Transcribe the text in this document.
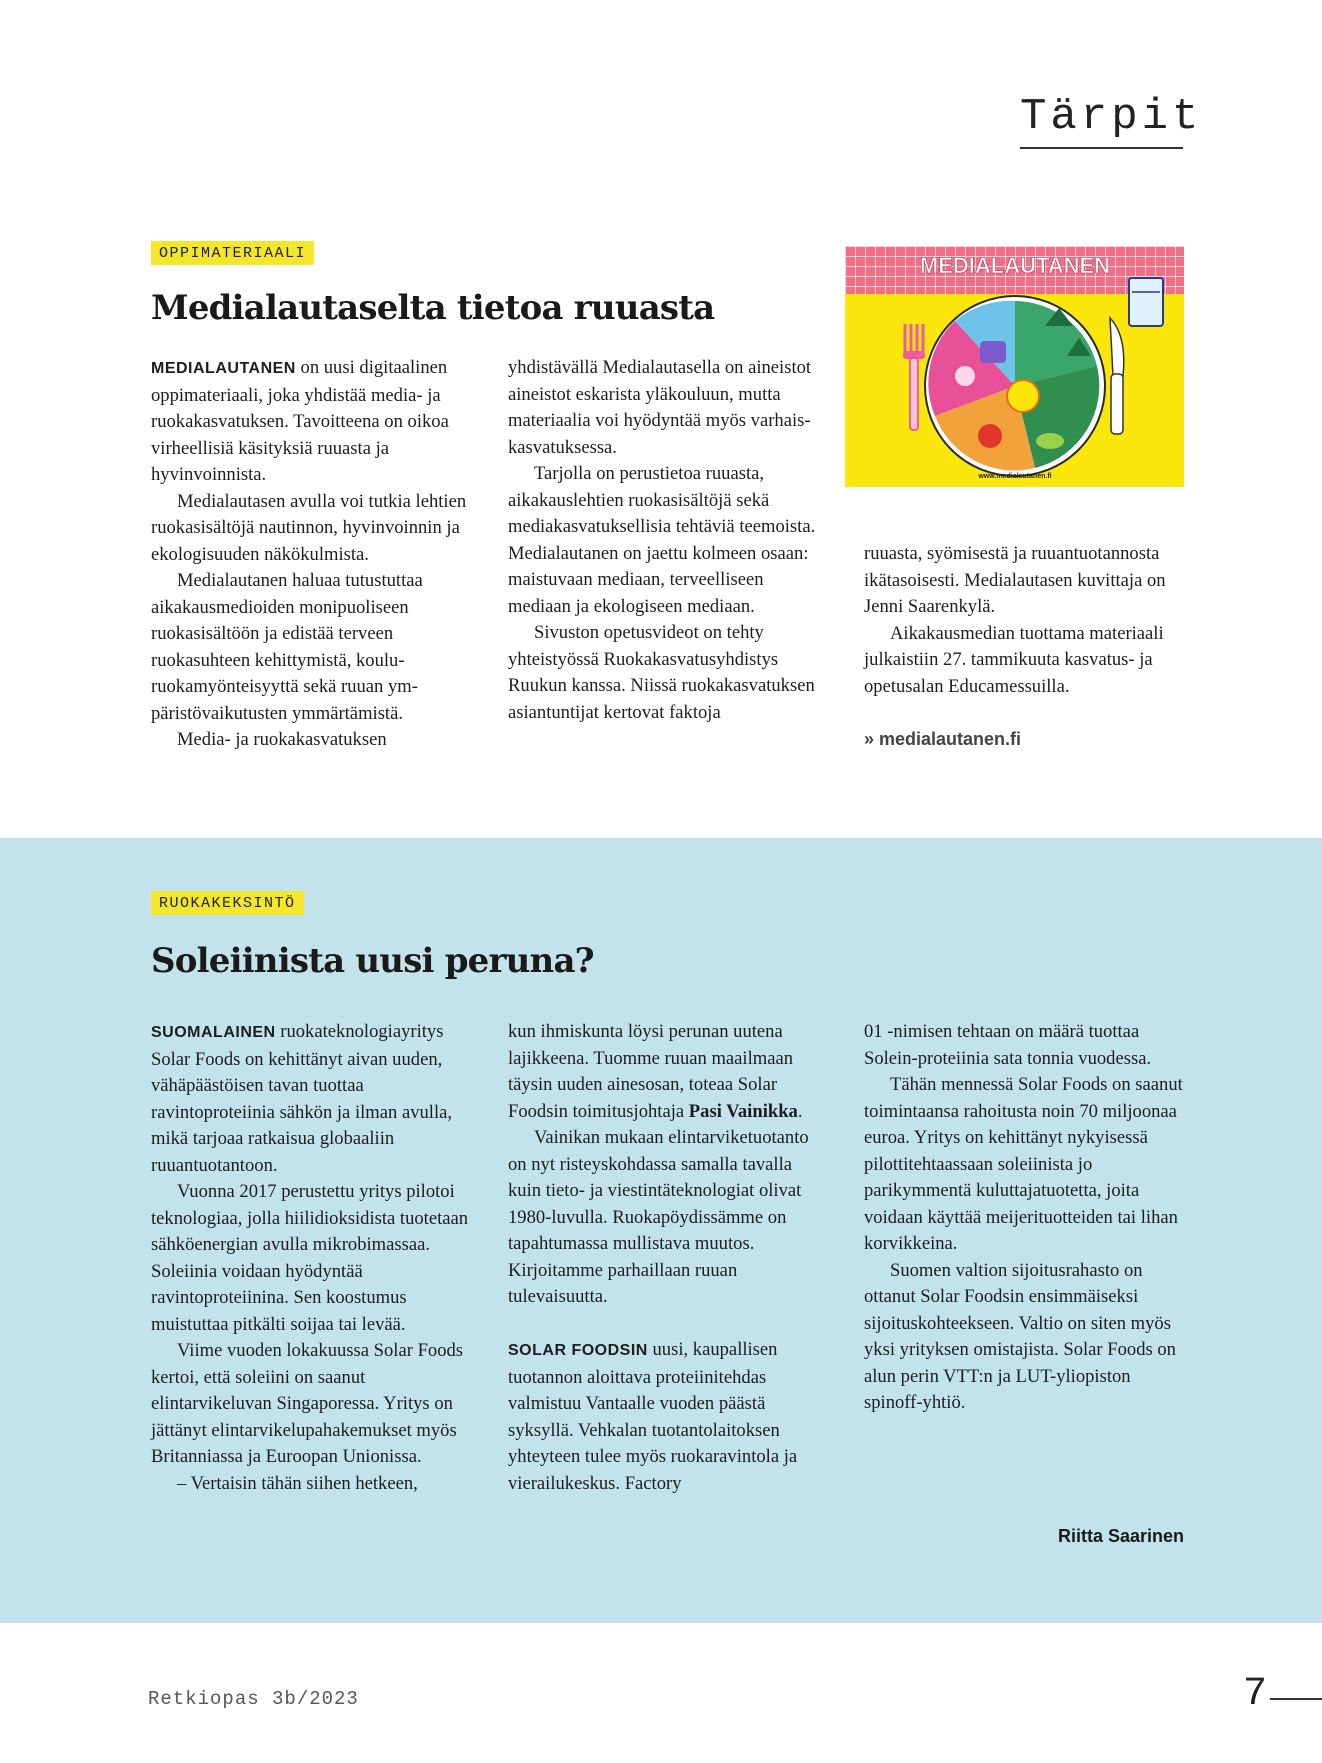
Tärpit
OPPIMATERIAALI
Medialautaselta tietoa ruuasta

MEDIALAUTANEN on uusi digitaalinen oppimateriaali, joka yhdistää media- ja ruokakasvatuksen. Tavoitteena on oikoa virheellisiä käsityksiä ruuasta ja hyvinvoinnista.

Medialautasen avulla voi tutkia lehtien ruokasisältöjä nautinnon, hyvinvoinnin ja ekologisuuden näkökulmista.

Medialautanen haluaa tutustuttaa aikakausmedioiden monipuoliseen ruokasisältöön ja edistää terveen ruokasuhteen kehittymistä, kouluruokamyönteisyyttä sekä ruuan ympäristövaikutusten ymmärtämistä.

Media- ja ruokakasvatuksen

yhdistävällä Medialautasella on aineistot aineistot eskarista yläkouluun, mutta materiaalia voi hyödyntää myös varhaiskasvatuksessa.

Tarjolla on perustietoa ruuasta, aikakauslehtien ruokasisältöjä sekä mediakasvatuksellisia tehtäviä teemoista. Medialautanen on jaettu kolmeen osaan: maistuvaan mediaan, terveelliseen mediaan ja ekologiseen mediaan.

Sivuston opetusvideot on tehty yhteistyössä Ruokakasvatusyhdistys Ruukun kanssa. Niissä ruokakasvatuksen asiantuntijat kertovat faktoja

ruuasta, syömisestä ja ruuantuotannosta ikätasoisesti. Medialautasen kuvittaja on Jenni Saarenkylä.

Aikakausmedian tuottama materiaali julkaistiin 27. tammikuuta kasvatus- ja opetusalan Educamessuilla.

» medialautanen.fi

MEDIALAUTANEN
www.medialautanen.fi
RUOKAKEKSINTÖ
Soleiinista uusi peruna?

SUOMALAINEN ruokateknologiayritys Solar Foods on kehittänyt aivan uuden, vähäpäästöisen tavan tuottaa ravintoproteiinia sähkön ja ilman avulla, mikä tarjoaa ratkaisua globaaliin ruuantuotantoon.

Vuonna 2017 perustettu yritys pilotoi teknologiaa, jolla hiilidioksidista tuotetaan sähköenergian avulla mikrobimassaa. Soleiinia voidaan hyödyntää ravintoproteiinina. Sen koostumus muistuttaa pitkälti soijaa tai levää.

Viime vuoden lokakuussa Solar Foods kertoi, että soleiini on saanut elintarvikeluvan Singaporessa. Yritys on jättänyt elintarvikelupahakemukset myös Britanniassa ja Euroopan Unionissa.

– Vertaisin tähän siihen hetkeen,

kun ihmiskunta löysi perunan uutena lajikkeena. Tuomme ruuan maailmaan täysin uuden ainesosan, toteaa Solar Foodsin toimitusjohtaja Pasi Vainikka.

Vainikan mukaan elintarviketuotanto on nyt risteyskohdassa samalla tavalla kuin tieto- ja viestintäteknologiat olivat 1980-luvulla. Ruokapöydissämme on tapahtumassa mullistava muutos. Kirjoitamme parhaillaan ruuan tulevaisuutta.

SOLAR FOODSIN uusi, kaupallisen tuotannon aloittava proteiinitehdas valmistuu Vantaalle vuoden päästä syksyllä. Vehkalan tuotantolaitoksen yhteyteen tulee myös ruokaravintola ja vierailukeskus. Factory

01 -nimisen tehtaan on määrä tuottaa Solein-proteiinia sata tonnia vuodessa.

Tähän mennessä Solar Foods on saanut toimintaansa rahoitusta noin 70 miljoonaa euroa. Yritys on kehittänyt nykyisessä pilottitehtaassaan soleiinista jo parikymmentä kuluttajatuotetta, joita voidaan käyttää meijerituotteiden tai lihan korvikkeina.

Suomen valtion sijoitusrahasto on ottanut Solar Foodsin ensimmäiseksi sijoituskohteekseen. Valtio on siten myös yksi yrityksen omistajista. Solar Foods on alun perin VTT:n ja LUT-yliopiston spinoff-yhtiö.

Riitta Saarinen
Retkiopas 3b/2023	7
